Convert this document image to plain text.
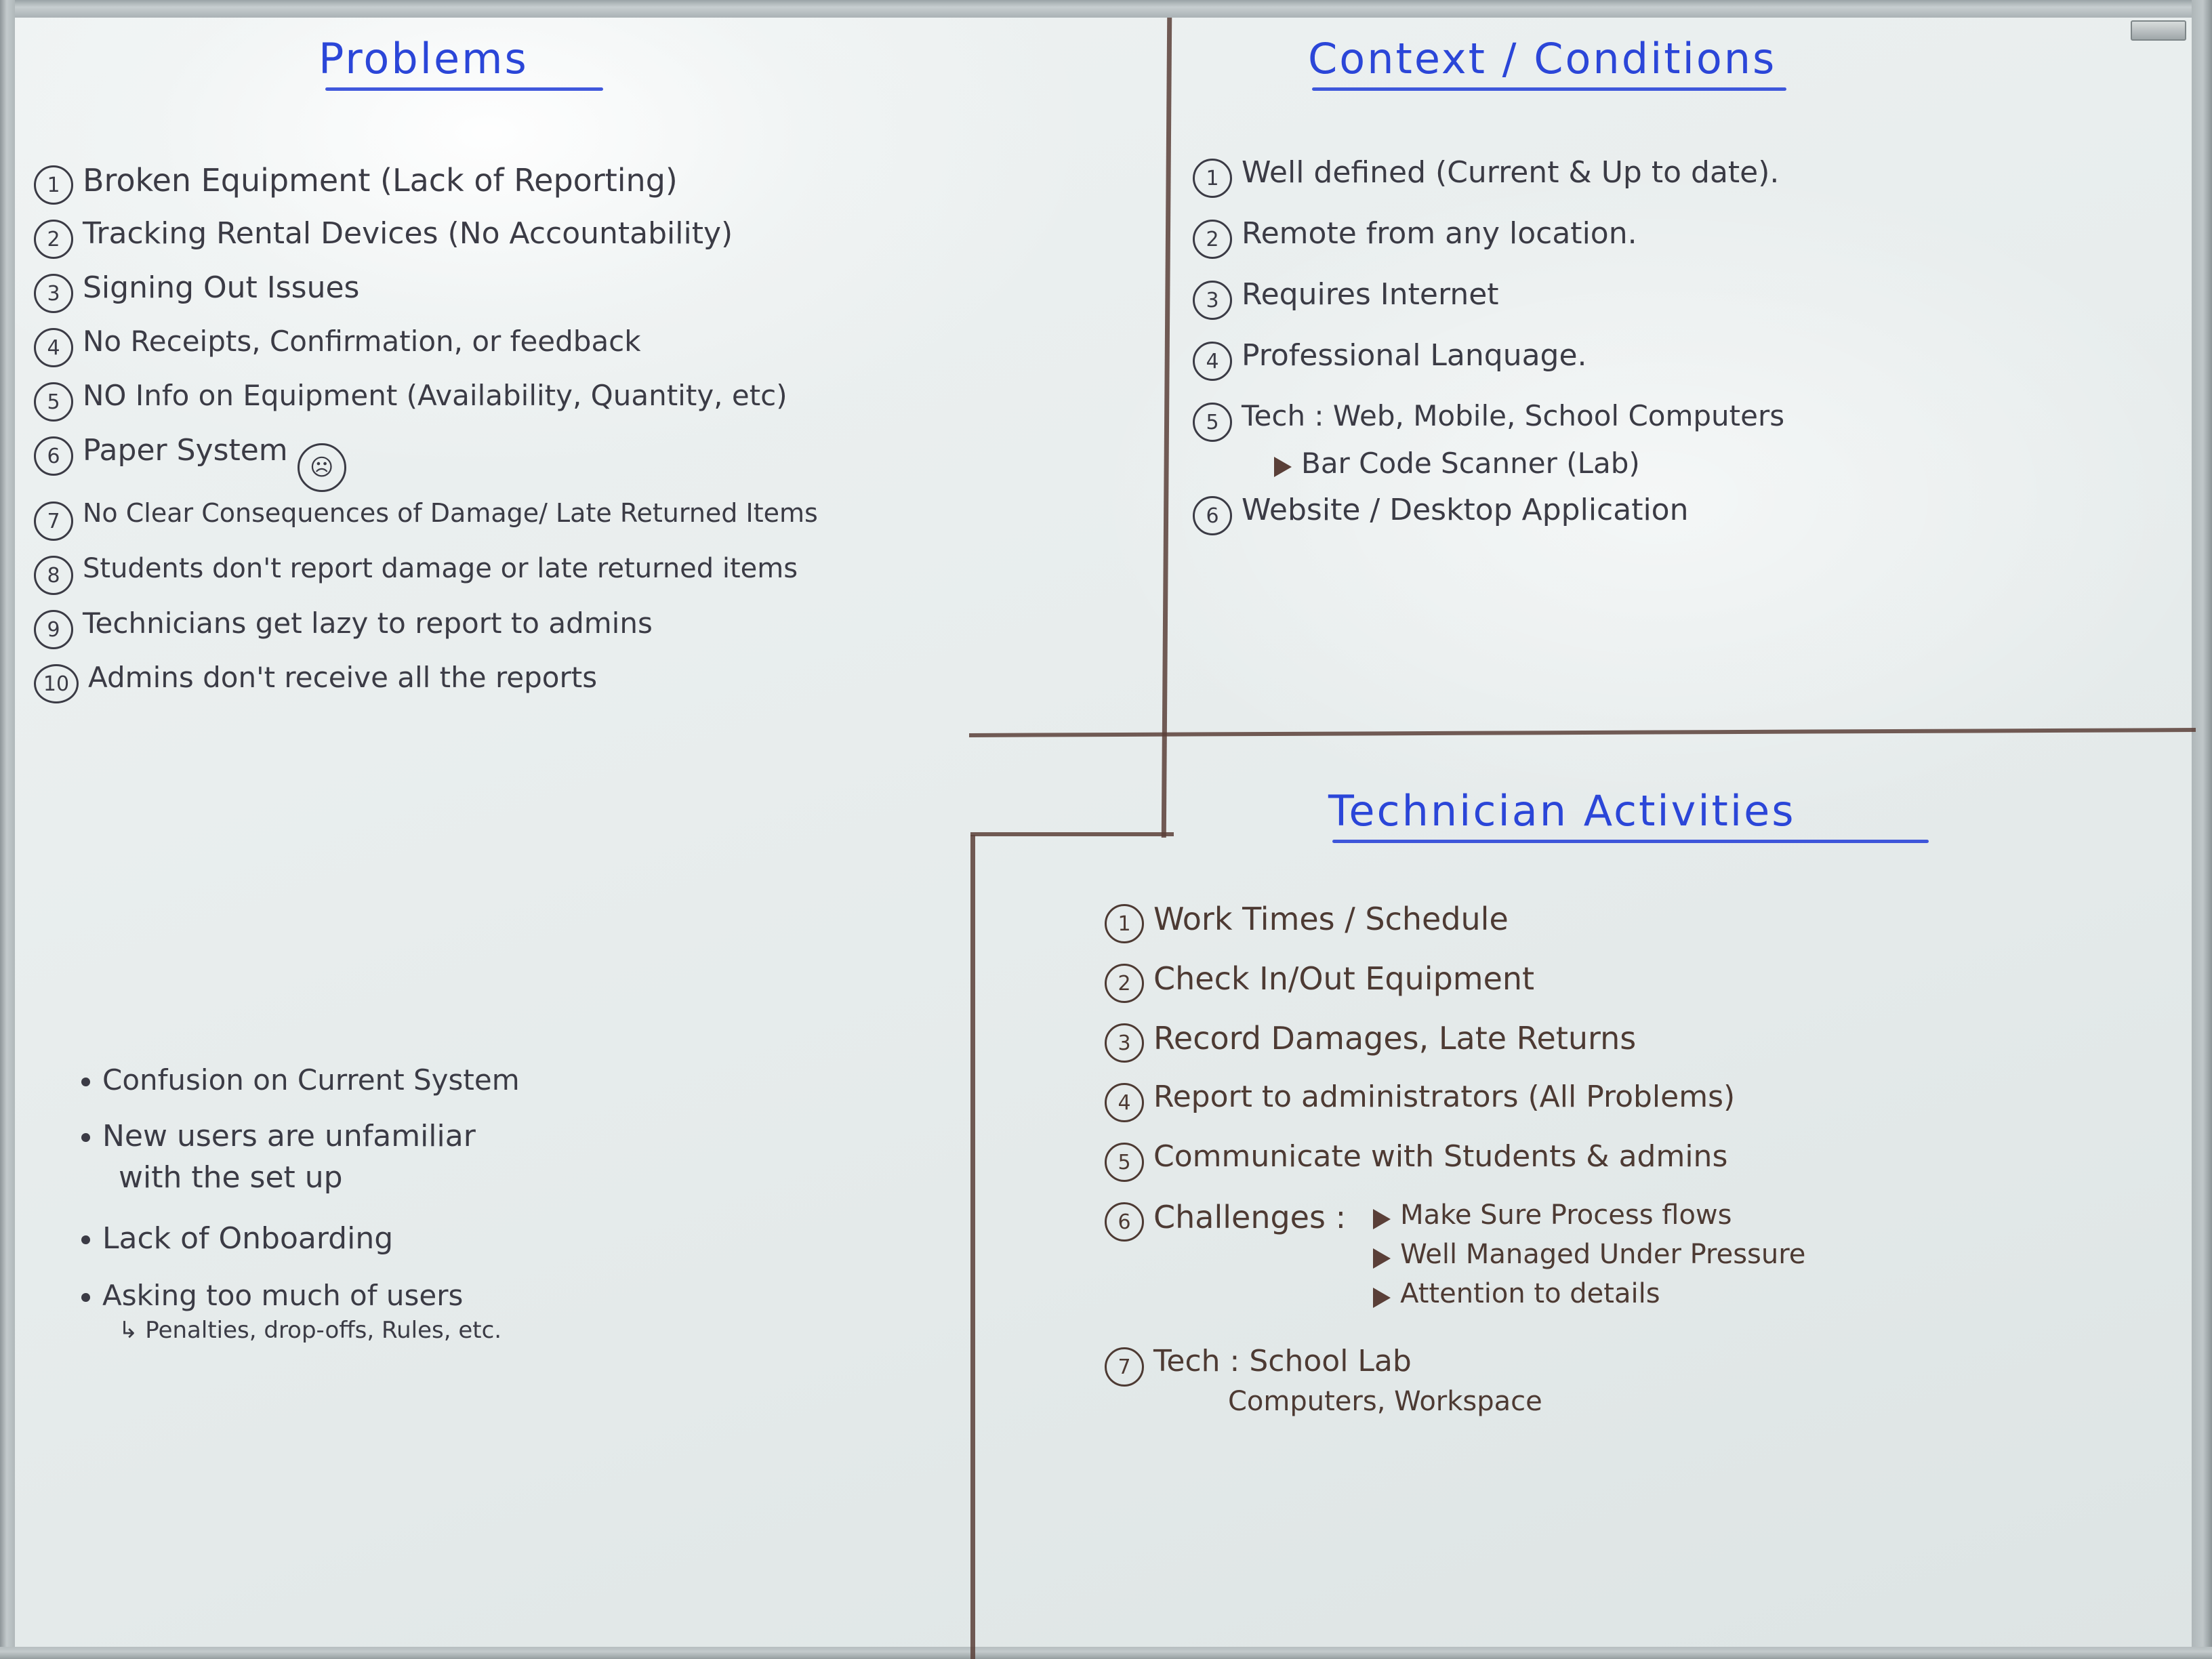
Problems
1 Broken Equipment (Lack of Reporting)
2 Tracking Rental Devices (No Accountability)
3 Signing Out Issues
4 No Receipts, Confirmation, or feedback
5 NO Info on Equipment (Availability, Quantity, etc)
6 Paper System ☹
7 No Clear Consequences of Damage/ Late Returned Items
8 Students don't report damage or late returned items
9 Technicians get lazy to report to admins
10 Admins don't receive all the reports
Confusion on Current System
New users are unfamiliar
with the set up
Lack of Onboarding
Asking too much of users
↳ Penalties, drop-offs, Rules, etc.
Context / Conditions
1 Well defined (Current & Up to date).
2 Remote from any location.
3 Requires Internet
4 Professional Lanquage.
5 Tech : Web, Mobile, School Computers
Bar Code Scanner (Lab)
6 Website / Desktop Application
Technician Activities
1 Work Times / Schedule
2 Check In/Out Equipment
3 Record Damages, Late Returns
4 Report to administrators (All Problems)
5 Communicate with Students & admins
6 Challenges : Make Sure Process flows
Well Managed Under Pressure
Attention to details
7 Tech : School Lab
Computers, Workspace
